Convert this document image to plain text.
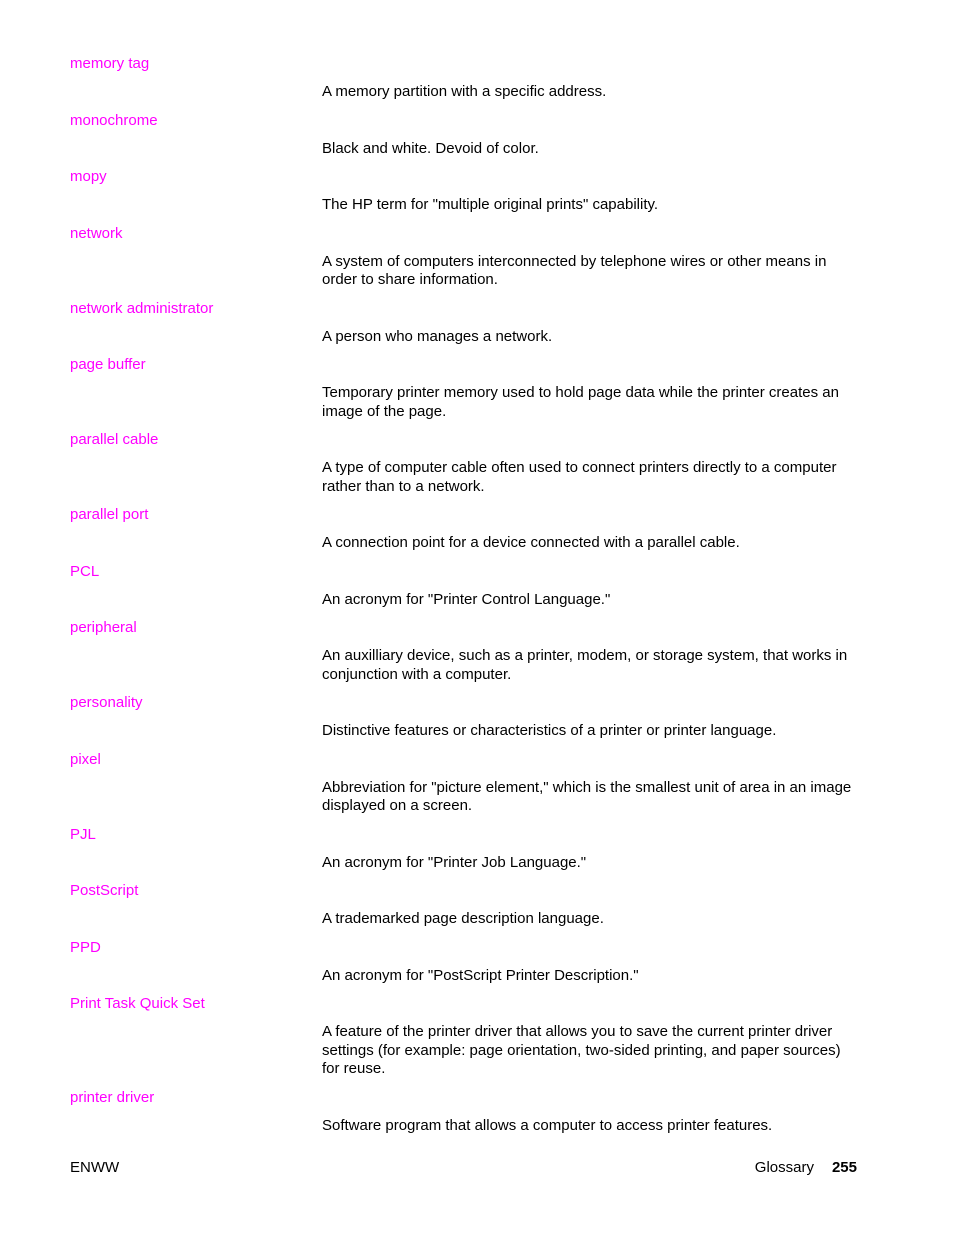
memory tag
A memory partition with a specific address.
monochrome
Black and white. Devoid of color.
mopy
The HP term for "multiple original prints" capability.
network
A system of computers interconnected by telephone wires or other means in order to share information.
network administrator
A person who manages a network.
page buffer
Temporary printer memory used to hold page data while the printer creates an image of the page.
parallel cable
A type of computer cable often used to connect printers directly to a computer rather than to a network.
parallel port
A connection point for a device connected with a parallel cable.
PCL
An acronym for "Printer Control Language."
peripheral
An auxilliary device, such as a printer, modem, or storage system, that works in conjunction with a computer.
personality
Distinctive features or characteristics of a printer or printer language.
pixel
Abbreviation for "picture element," which is the smallest unit of area in an image displayed on a screen.
PJL
An acronym for "Printer Job Language."
PostScript
A trademarked page description language.
PPD
An acronym for "PostScript Printer Description."
Print Task Quick Set
A feature of the printer driver that allows you to save the current printer driver settings (for example: page orientation, two-sided printing, and paper sources) for reuse.
printer driver
Software program that allows a computer to access printer features.
ENWW	Glossary 255
